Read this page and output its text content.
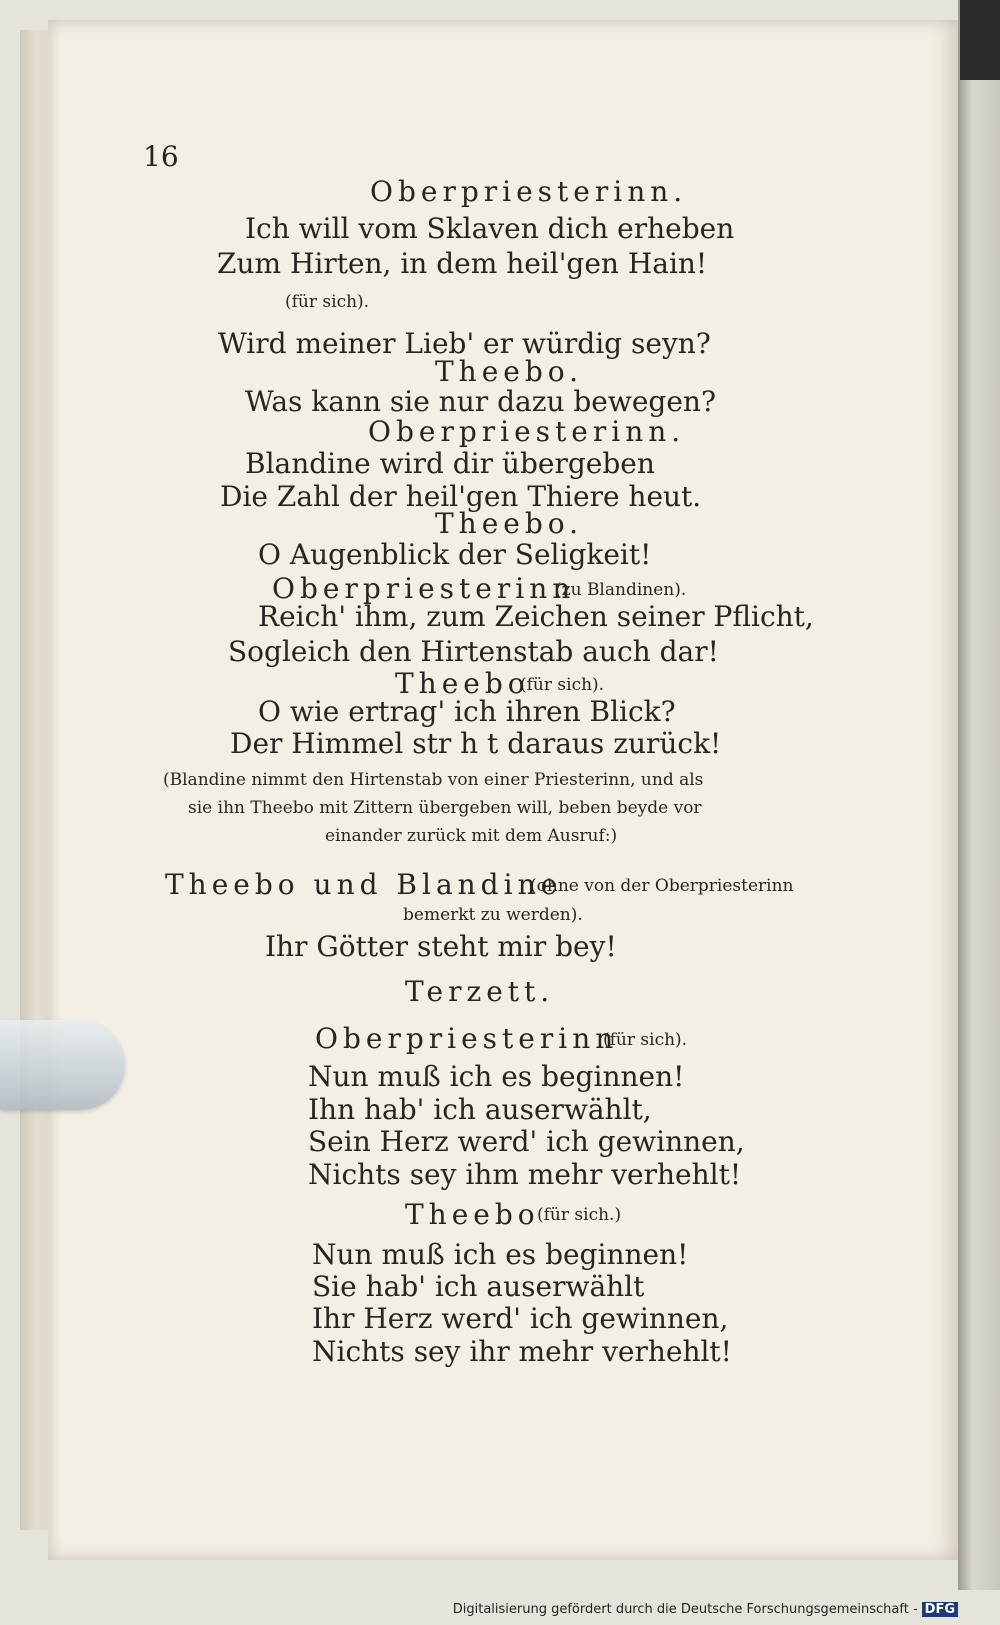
16
Oberpriesterinn.
Ich will vom Sklaven dich erheben
Zum Hirten, in dem heil'gen Hain!
(für sich).
Wird meiner Lieb' er würdig seyn?
Theebo.
Was kann sie nur dazu bewegen?
Oberpriesterinn.
Blandine wird dir übergeben
Die Zahl der heil'gen Thiere heut.
Theebo.
O Augenblick der Seligkeit!
Oberpriesterinn
(zu Blandinen).
Reich' ihm, zum Zeichen seiner Pflicht,
Sogleich den Hirtenstab auch dar!
Theebo
(für sich).
O wie ertrag' ich ihren Blick?
Der Himmel str h t daraus zurück!
(Blandine nimmt den Hirtenstab von einer Priesterinn, und als
sie ihn Theebo mit Zittern übergeben will, beben beyde vor
einander zurück mit dem Ausruf:)
Theebo und Blandine
(ohne von der Oberpriesterinn
bemerkt zu werden).
Ihr Götter steht mir bey!
Terzett.
Oberpriesterinn
(für sich).
Nun muß ich es beginnen!
Ihn hab' ich auserwählt,
Sein Herz werd' ich gewinnen,
Nichts sey ihm mehr verhehlt!
Theebo
(für sich.)
Nun muß ich es beginnen!
Sie hab' ich auserwählt
Ihr Herz werd' ich gewinnen,
Nichts sey ihr mehr verhehlt!
Digitalisierung gefördert durch die Deutsche Forschungsgemeinschaft - DFG
